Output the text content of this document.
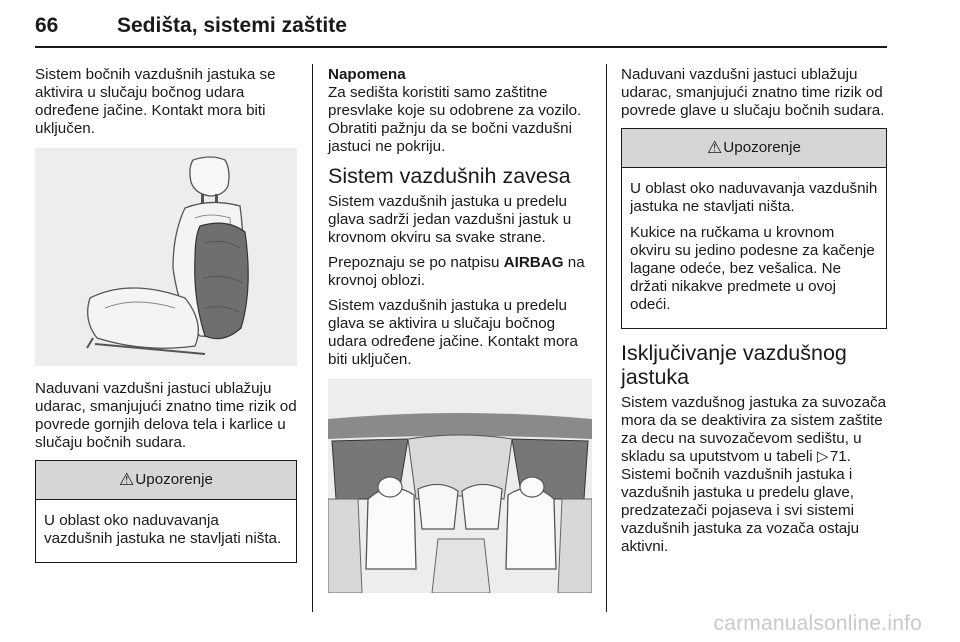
66	Sedišta, sistemi zaštite

Sistem bočnih vazdušnih jastuka se aktivira u slučaju bočnog udara određene jačine. Kontakt mora biti uključen.

Naduvani vazdušni jastuci ublažuju udarac, smanjujući znatno time rizik od povrede gornjih delova tela i karlice u slučaju bočnih sudara.

⚠ Upozorenje

U oblast oko naduvavanja vazdušnih jastuka ne stavljati ništa.

Napomena

Za sedišta koristiti samo zaštitne presvlake koje su odobrene za vozilo. Obratiti pažnju da se bočni vazdušni jastuci ne pokriju.

Sistem vazdušnih zavesa

Sistem vazdušnih jastuka u predelu glava sadrži jedan vazdušni jastuk u krovnom okviru sa svake strane.

Prepoznaju se po natpisu AIRBAG na krovnoj oblozi.

Sistem vazdušnih jastuka u predelu glava se aktivira u slučaju bočnog udara određene jačine. Kontakt mora biti uključen.

Naduvani vazdušni jastuci ublažuju udarac, smanjujući znatno time rizik od povrede glave u slučaju bočnih sudara.

⚠ Upozorenje

U oblast oko naduvavanja vazdušnih jastuka ne stavljati ništa.

Kukice na ručkama u krovnom okviru su jedino podesne za kačenje lagane odeće, bez vešalica. Ne držati nikakve predmete u ovoj odeći.

Isključivanje vazdušnog jastuka

Sistem vazdušnog jastuka za suvozača mora da se deaktivira za sistem zaštite za decu na suvozačevom sedištu, u skladu sa uputstvom u tabeli ▷ 71. Sistemi bočnih vazdušnih jastuka i vazdušnih jastuka u predelu glave, predzatezači pojaseva i svi sistemi vazdušnih jastuka za vozača ostaju aktivni.

carmanualsonline.info
